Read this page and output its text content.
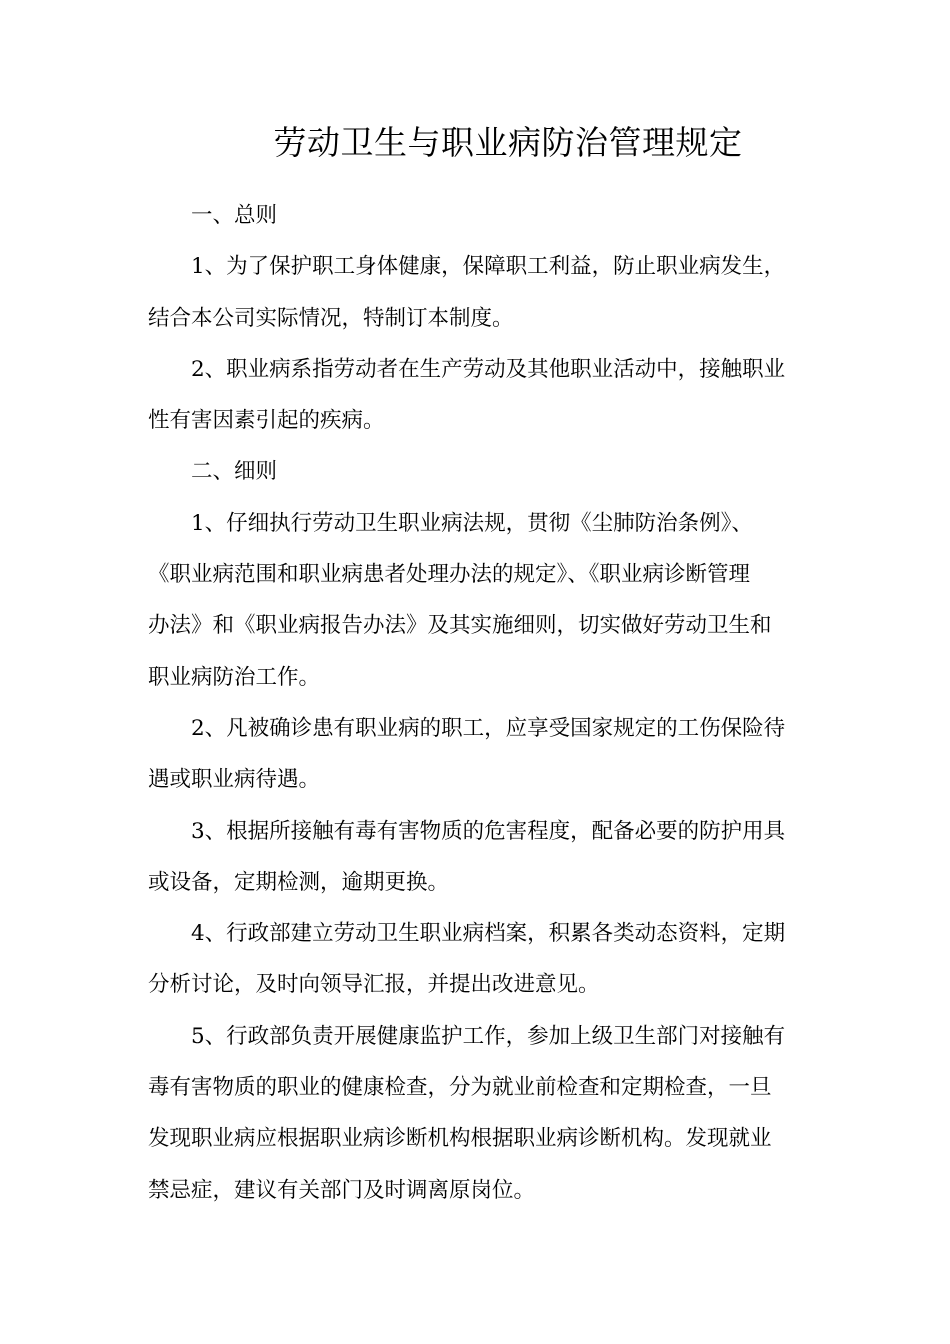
劳动卫生与职业病防治管理规定
一、总则
1、为了保护职工身体健康，保障职工利益，防止职业病发生，
结合本公司实际情况，特制订本制度。
2、职业病系指劳动者在生产劳动及其他职业活动中，接触职业
性有害因素引起的疾病。
二、细则
1、仔细执行劳动卫生职业病法规，贯彻《尘肺防治条例》、
《职业病范围和职业病患者处理办法的规定》、《职业病诊断管理
办法》和《职业病报告办法》及其实施细则，切实做好劳动卫生和
职业病防治工作。
2、凡被确诊患有职业病的职工，应享受国家规定的工伤保险待
遇或职业病待遇。
3、根据所接触有毒有害物质的危害程度，配备必要的防护用具
或设备，定期检测，逾期更换。
4、行政部建立劳动卫生职业病档案，积累各类动态资料，定期
分析讨论，及时向领导汇报，并提出改进意见。
5、行政部负责开展健康监护工作，参加上级卫生部门对接触有
毒有害物质的职业的健康检查，分为就业前检查和定期检查，一旦
发现职业病应根据职业病诊断机构根据职业病诊断机构。发现就业
禁忌症，建议有关部门及时调离原岗位。
